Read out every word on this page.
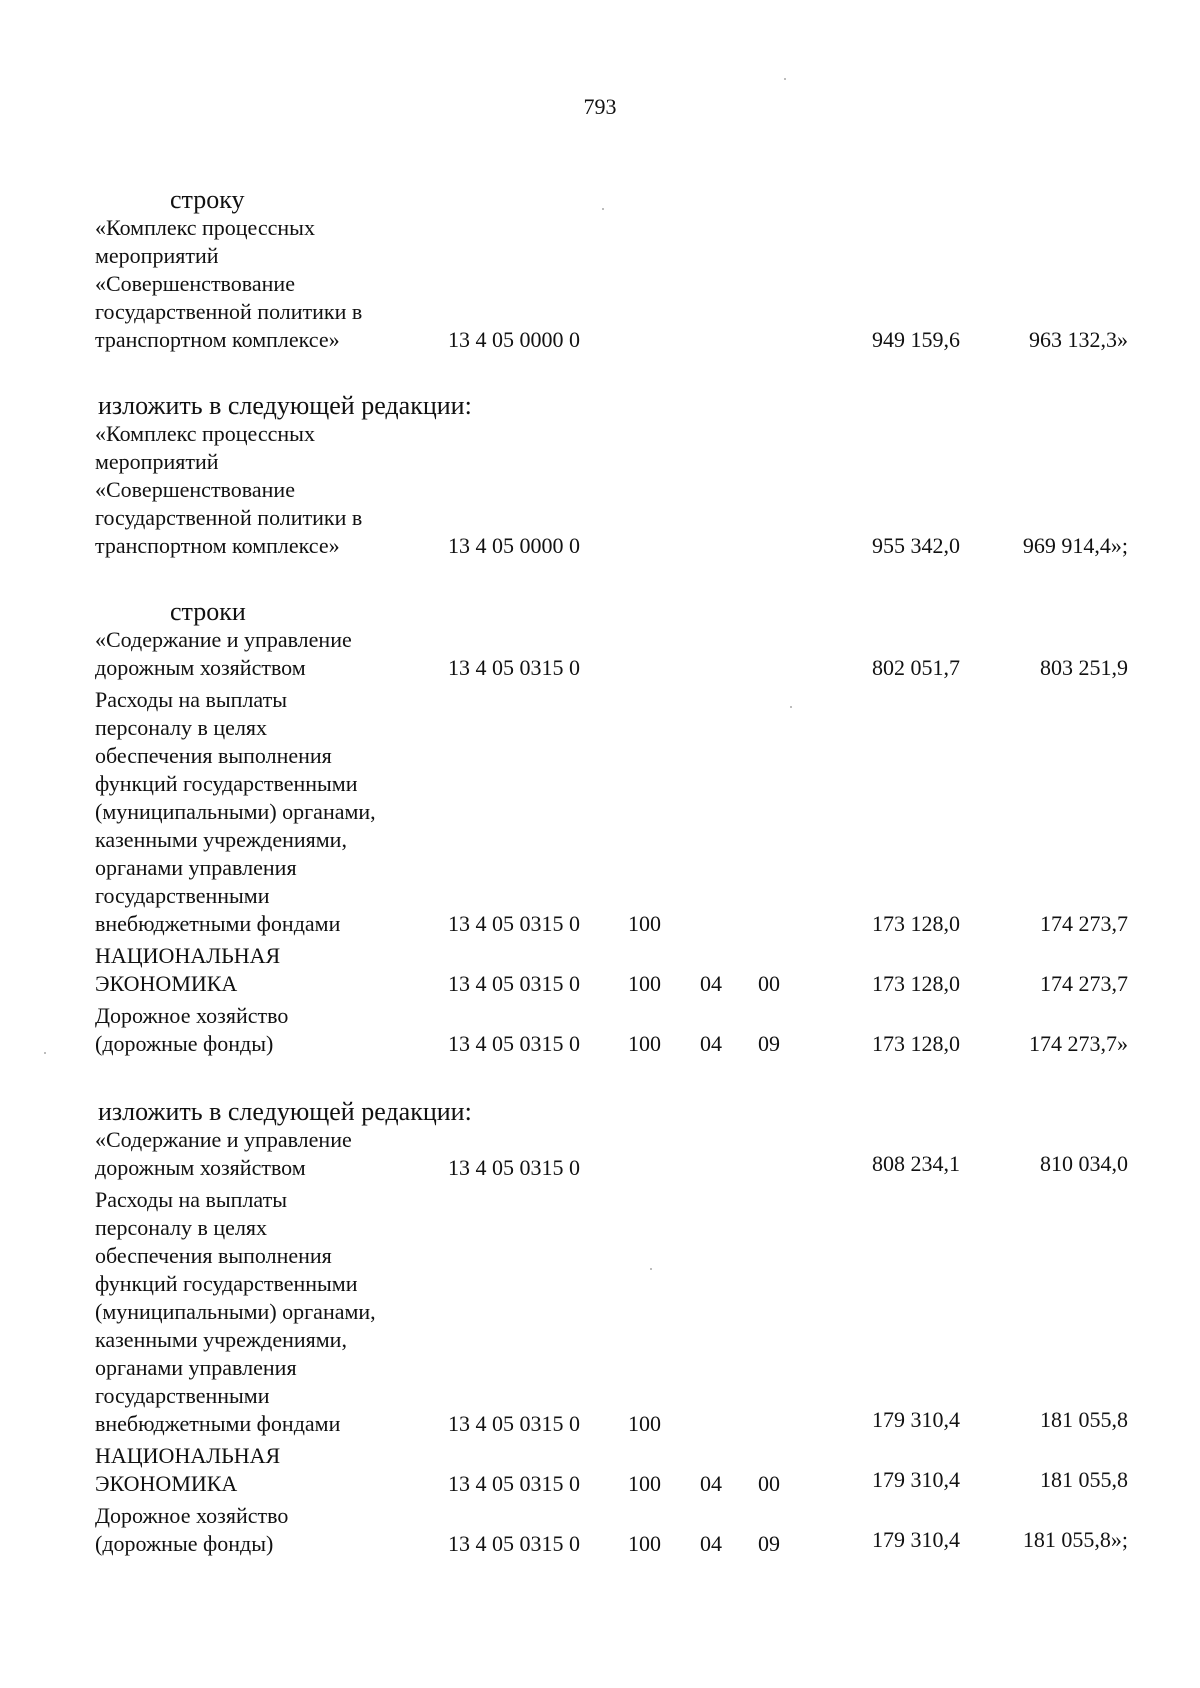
793
строку
«Комплекс процессных
мероприятий
«Совершенствование
государственной политики в
транспортном комплексе»	13 4 05 0000 0	949 159,6	963 132,3»
изложить в следующей редакции:
«Комплекс процессных
мероприятий
«Совершенствование
государственной политики в
транспортном комплексе»	13 4 05 0000 0	955 342,0	969 914,4»;
строки
«Содержание и управление
дорожным хозяйством	13 4 05 0315 0	802 051,7	803 251,9
Расходы на выплаты
персоналу в целях
обеспечения выполнения
функций государственными
(муниципальными) органами,
казенными учреждениями,
органами управления
государственными
внебюджетными фондами	13 4 05 0315 0 100	173 128,0	174 273,7
НАЦИОНАЛЬНАЯ
ЭКОНОМИКА	13 4 05 0315 0 100 04 00	173 128,0	174 273,7
Дорожное хозяйство
(дорожные фонды)	13 4 05 0315 0 100 04 09	173 128,0	174 273,7»
изложить в следующей редакции:
«Содержание и управление
дорожным хозяйством	13 4 05 0315 0	808 234,1	810 034,0
Расходы на выплаты
персоналу в целях
обеспечения выполнения
функций государственными
(муниципальными) органами,
казенными учреждениями,
органами управления
государственными
внебюджетными фондами	13 4 05 0315 0 100	179 310,4	181 055,8
НАЦИОНАЛЬНАЯ
ЭКОНОМИКА	13 4 05 0315 0 100 04 00	179 310,4	181 055,8
Дорожное хозяйство
(дорожные фонды)	13 4 05 0315 0 100 04 09	179 310,4	181 055,8»;
